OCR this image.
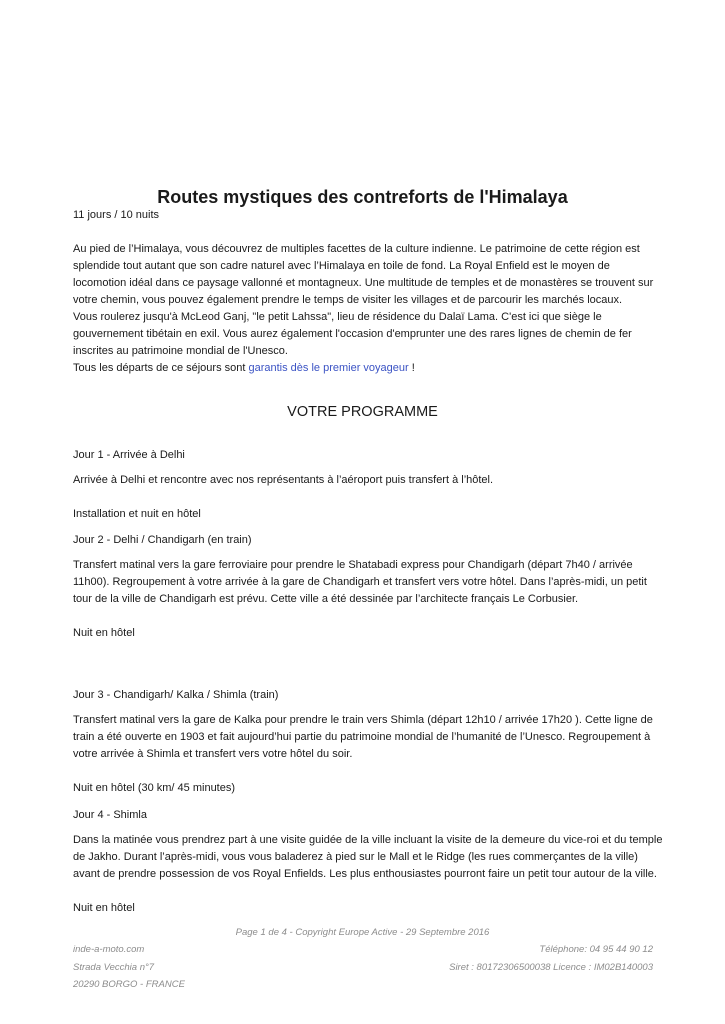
Routes mystiques des contreforts de l'Himalaya
11 jours / 10 nuits

Au pied de l’Himalaya, vous découvrez de multiples facettes de la culture indienne. Le patrimoine de cette région est splendide tout autant que son cadre naturel avec l’Himalaya en toile de fond. La Royal Enfield est le moyen de locomotion idéal dans ce paysage vallonné et montagneux. Une multitude de temples et de monastères se trouvent sur votre chemin, vous pouvez également prendre le temps de visiter les villages et de parcourir les marchés locaux.

Vous roulerez jusqu'à McLeod Ganj, "le petit Lahssa", lieu de résidence du Dalaï Lama. C'est ici que siège le gouvernement tibétain en exil. Vous aurez également l'occasion d'emprunter une des rares lignes de chemin de fer inscrites au patrimoine mondial de l'Unesco.

Tous les départs de ce séjours sont garantis dès le premier voyageur !

VOTRE PROGRAMME

Jour 1 - Arrivée à Delhi

Arrivée à Delhi et rencontre avec nos représentants à l’aéroport puis transfert à l’hôtel.

Installation et nuit en hôtel

Jour 2 - Delhi / Chandigarh (en train)

Transfert matinal vers la gare ferroviaire pour prendre le Shatabadi express pour Chandigarh (départ 7h40 / arrivée 11h00). Regroupement à votre arrivée à la gare de Chandigarh et transfert vers votre hôtel. Dans l’après-midi, un petit tour de la ville de Chandigarh est prévu. Cette ville a été dessinée par l’architecte français Le Corbusier.

Nuit en hôtel

Jour 3 - Chandigarh/ Kalka / Shimla (train)

Transfert matinal vers la gare de Kalka pour prendre le train vers Shimla (départ 12h10 / arrivée 17h20 ). Cette ligne de train a été ouverte en 1903 et fait aujourd’hui partie du patrimoine mondial de l’humanité de l’Unesco. Regroupement à votre arrivée à Shimla et transfert vers votre hôtel du soir.

Nuit en hôtel (30 km/ 45 minutes)

Jour 4 - Shimla

Dans la matinée vous prendrez part à une visite guidée de la ville incluant la visite de la demeure du vice-roi et du temple de Jakho. Durant l’après-midi, vous vous baladerez à pied sur le Mall et le Ridge (les rues commerçantes de la ville) avant de prendre possession de vos Royal Enfields. Les plus enthousiastes pourront faire un petit tour autour de la ville.

Nuit en hôtel

Page 1 de 4 - Copyright Europe Active - 29 Septembre 2016
inde-a-moto.com
Strada Vecchia n°7
20290 BORGO - FRANCE
Téléphone: 04 95 44 90 12
Siret : 80172306500038 Licence : IM02B140003
